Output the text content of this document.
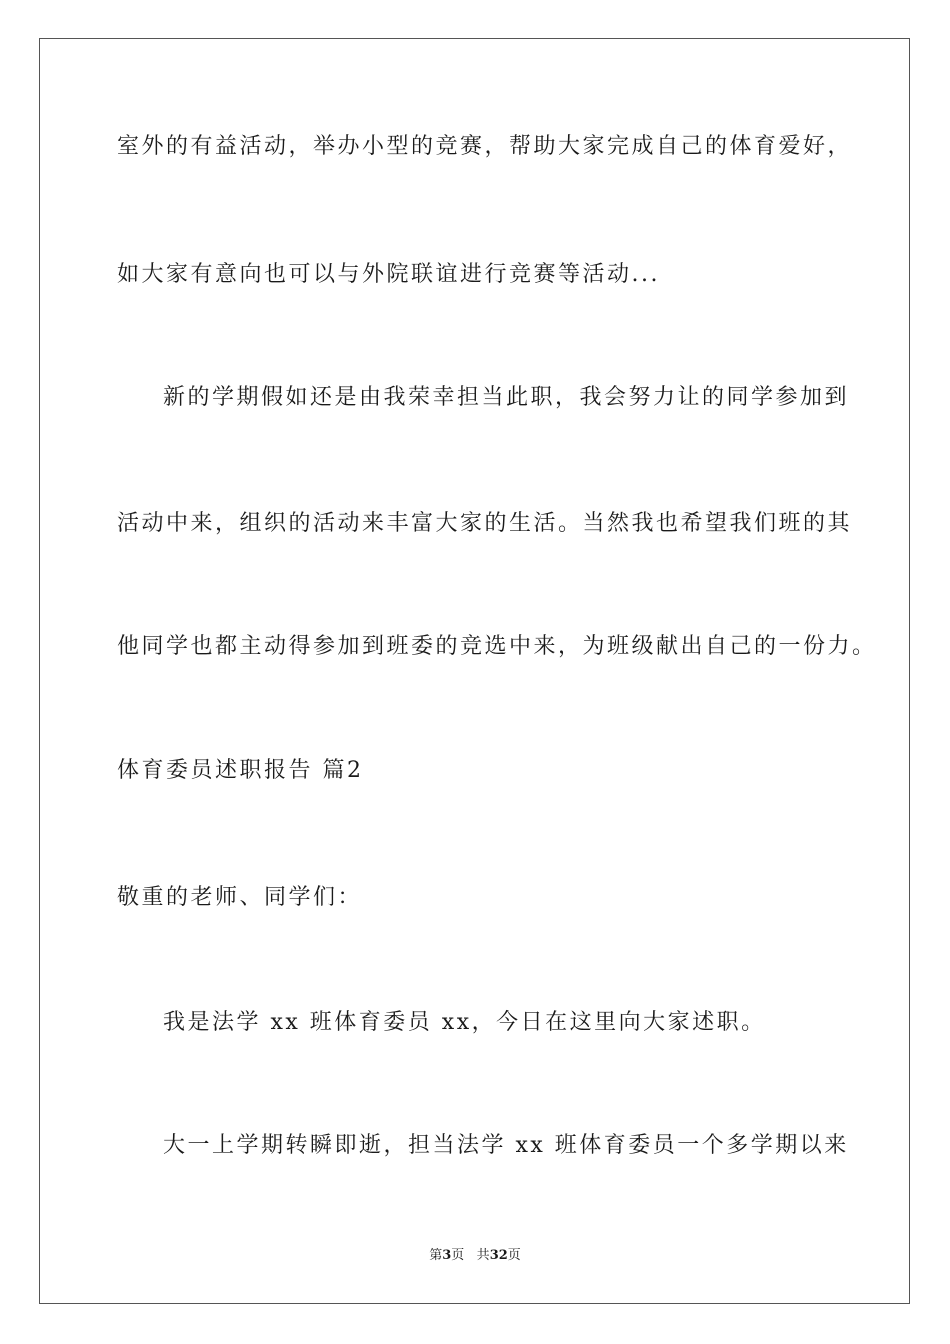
室外的有益活动，举办小型的竞赛，帮助大家完成自己的体育爱好，
如大家有意向也可以与外院联谊进行竞赛等活动...
新的学期假如还是由我荣幸担当此职，我会努力让的同学参加到
活动中来，组织的活动来丰富大家的生活。当然我也希望我们班的其
他同学也都主动得参加到班委的竞选中来，为班级献出自己的一份力。
体育委员述职报告 篇2
敬重的老师、同学们：
我是法学 xx 班体育委员 xx，今日在这里向大家述职。
大一上学期转瞬即逝，担当法学 xx 班体育委员一个多学期以来
第3页 共32页
